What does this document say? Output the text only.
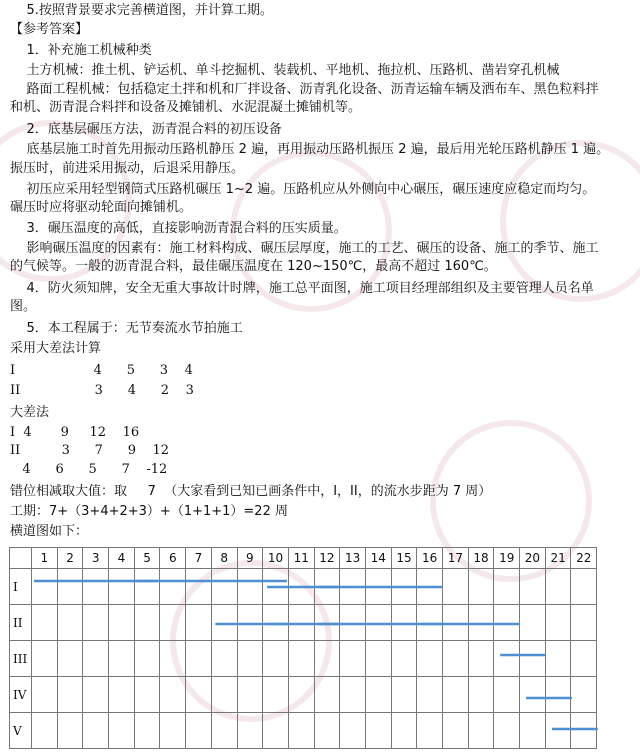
5.按照背景要求完善横道图，并计算工期。
【参考答案】
1．补充施工机械种类
土方机械：推土机、铲运机、单斗挖掘机、装载机、平地机、拖拉机、压路机、凿岩穿孔机械
路面工程机械：包括稳定土拌和机和厂拌设备、沥青乳化设备、沥青运输车辆及洒布车、黑色粒料拌
和机、沥青混合料拌和设备及摊铺机、水泥混凝土摊铺机等。
2．底基层碾压方法，沥青混合料的初压设备
底基层施工时首先用振动压路机静压 2 遍，再用振动压路机振压 2 遍，最后用光轮压路机静压 1 遍。
振压时，前进采用振动，后退采用静压。
初压应采用轻型钢筒式压路机碾压 1~2 遍。压路机应从外侧向中心碾压，碾压速度应稳定而均匀。
碾压时应将驱动轮面向摊铺机。
3．碾压温度的高低，直接影响沥青混合料的压实质量。
影响碾压温度的因素有：施工材料构成、碾压层厚度，施工的工艺、碾压的设备、施工的季节、施工
的气候等。一般的沥青混合料，最佳碾压温度在 120~150℃，最高不超过 160℃。
4．防火须知牌，安全无重大事故计时牌，施工总平面图，施工项目经理部组织及主要管理人员名单
图。
5．本工程属于：无节奏流水节拍施工
采用大差法计算
I                   4      5      3    4
II                  3      4      2    3
大差法
I  4       9     12    16
II          3      7      9    12
4      6      5      7    -12
错位相减取大值：取     7  （大家看到已知已画条件中，I，II，的流水步距为 7 周）
工期：7+（3+4+2+3）+（1+1+1）=22 周
横道图如下：
	1	2	3	4	5	6	7	8	9	10	11	12	13	14	15	16	17	18	19	20	21	22
I																						
II																						
III																						
IV																						
V																						
